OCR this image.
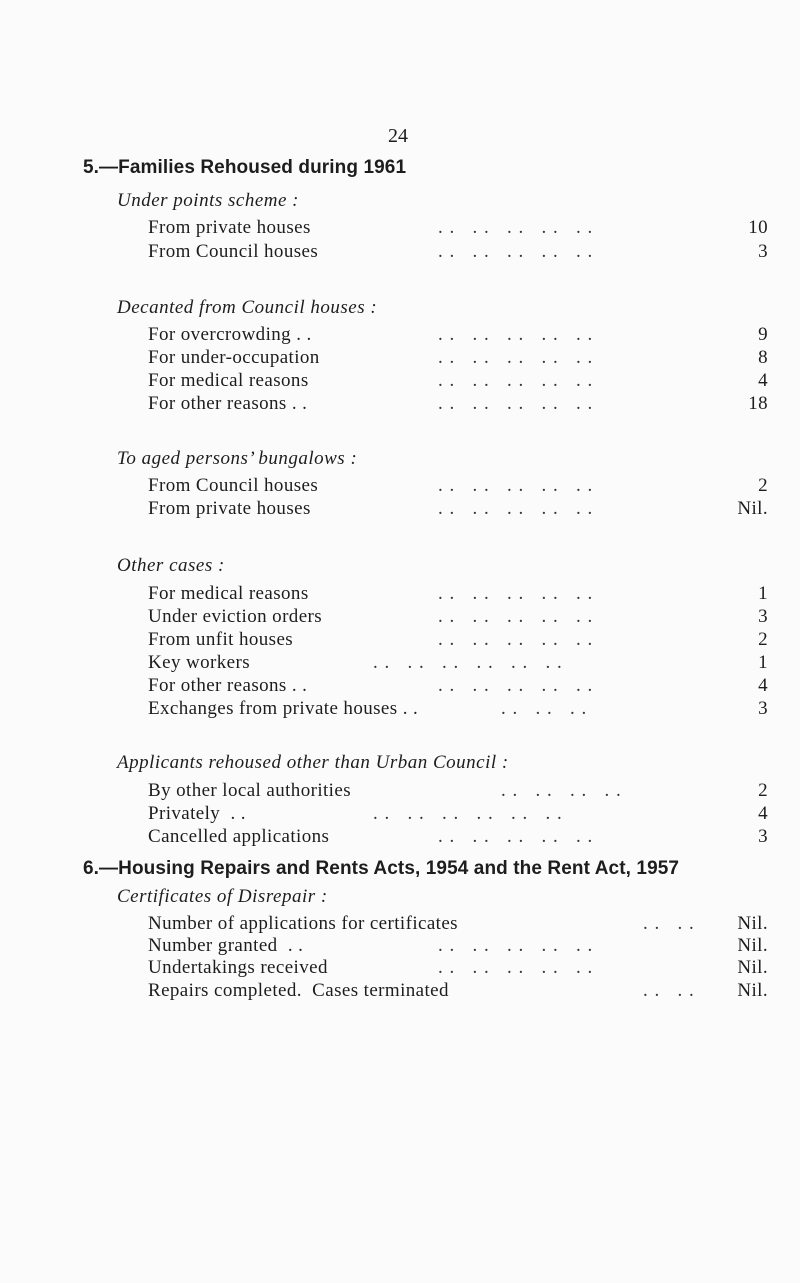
24
5.—Families Rehoused during 1961
Under points scheme :
From private houses	. .   . .   . .   . .   . .	10
From Council houses	. .   . .   . .   . .   . .	3
Decanted from Council houses :
For overcrowding . .	. .   . .   . .   . .   . .	9
For under-occupation	. .   . .   . .   . .   . .	8
For medical reasons	. .   . .   . .   . .   . .	4
For other reasons . .	. .   . .   . .   . .   . .	18
To aged persons’ bungalows :
From Council houses	. .   . .   . .   . .   . .	2
From private houses	. .   . .   . .   . .   . .	Nil.
Other cases :
For medical reasons	. .   . .   . .   . .   . .	1
Under eviction orders	. .   . .   . .   . .   . .	3
From unfit houses	. .   . .   . .   . .   . .	2
Key workers	. .   . .   . .   . .   . .   . .	1
For other reasons . .	. .   . .   . .   . .   . .	4
Exchanges from private houses . .	. .   . .   . .	3
Applicants rehoused other than Urban Council :
By other local authorities	. .   . .   . .   . .	2
Privately  . .	. .   . .   . .   . .   . .   . .	4
Cancelled applications	. .   . .   . .   . .   . .	3
6.—Housing Repairs and Rents Acts, 1954 and the Rent Act, 1957
Certificates of Disrepair :
Number of applications for certificates	. .   . . Nil.
Number granted  . .	. .   . .   . .   . .   . .	Nil.
Undertakings received	. .   . .   . .   . .   . .	Nil.
Repairs completed.  Cases terminated	. .   . . Nil.
